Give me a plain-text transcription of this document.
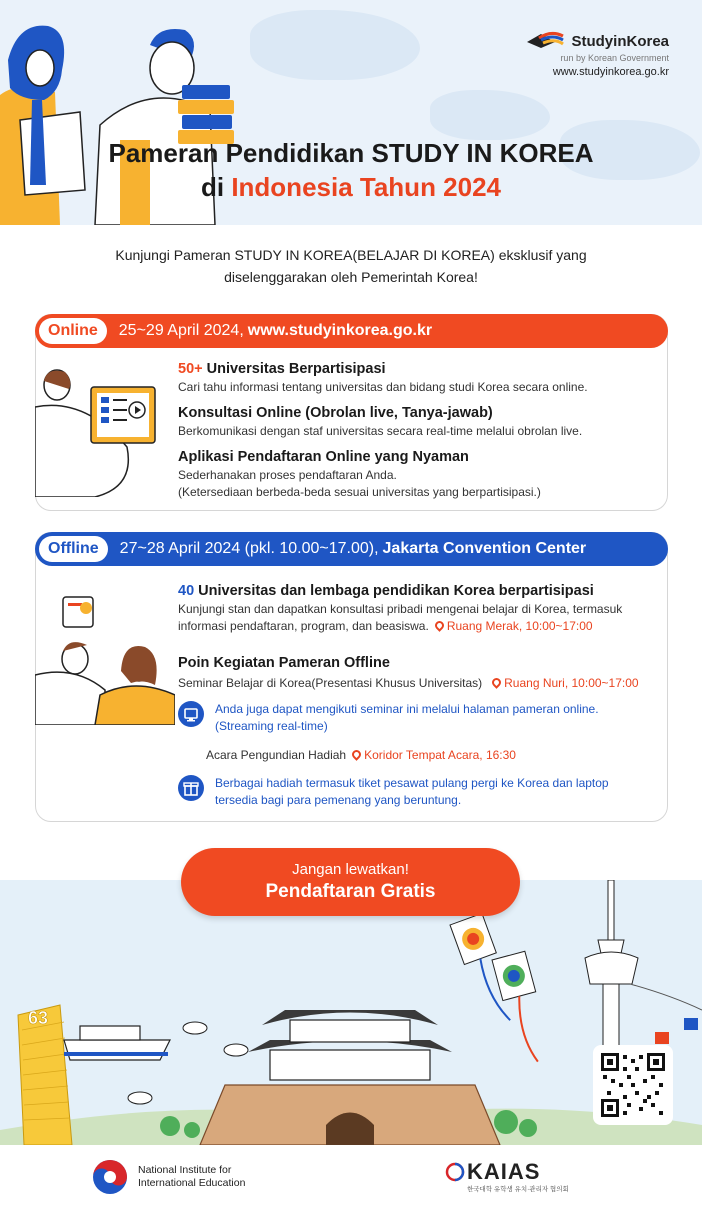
StudyinKorea
run by Korean Government
www.studyinkorea.go.kr
Pameran Pendidikan STUDY IN KOREA
di Indonesia Tahun 2024
Kunjungi Pameran STUDY IN KOREA(BELAJAR DI KOREA) eksklusif yang
diselenggarakan oleh Pemerintah Korea!
Online	25~29 April 2024, www.studyinkorea.go.kr
50+ Universitas Berpartisipasi
Cari tahu informasi tentang universitas dan bidang studi Korea secara online.
Konsultasi Online (Obrolan live, Tanya-jawab)
Berkomunikasi dengan staf universitas secara real-time melalui obrolan live.
Aplikasi Pendaftaran Online yang Nyaman
Sederhanakan proses pendaftaran Anda.
(Ketersediaan berbeda-beda sesuai universitas yang berpartisipasi.)
Offline	27~28 April 2024 (pkl. 10.00~17.00), Jakarta Convention Center
40 Universitas dan lembaga pendidikan Korea berpartisipasi
Kunjungi stan dan dapatkan konsultasi pribadi mengenai belajar di Korea, termasuk
informasi pendaftaran, program, dan beasiswa. Ruang Merak, 10:00~17:00
Poin Kegiatan Pameran Offline
Seminar Belajar di Korea(Presentasi Khusus Universitas) Ruang Nuri, 10:00~17:00
Anda juga dapat mengikuti seminar ini melalui halaman pameran online.
(Streaming real-time)
Acara Pengundian Hadiah Koridor Tempat Acara, 16:30
Berbagai hadiah termasuk tiket pesawat pulang pergi ke Korea dan laptop
tersedia bagi para pemenang yang beruntung.
63
Jangan lewatkan!
Pendaftaran Gratis
National Institute for
International Education	KAIAS
한국대학 유학생 유치·관리자 협의회
